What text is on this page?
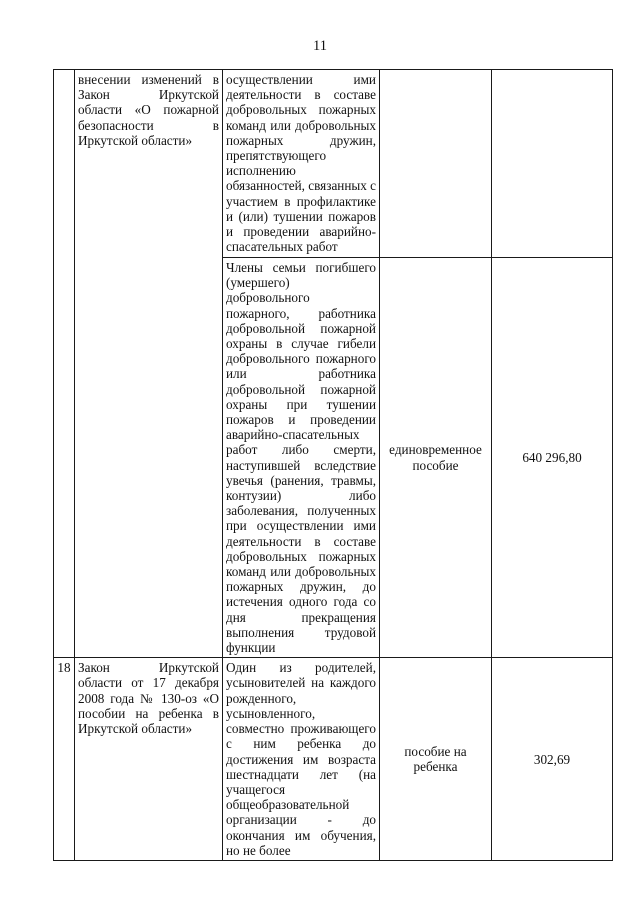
11
	внесении изменений в Закон Иркутской области «О пожарной безопасности в Иркутской области»	осуществлении ими деятельности в составе добровольных пожарных команд или добровольных пожарных дружин, препятствующего исполнению обязанностей, связанных с участием в профилактике и (или) тушении пожаров и проведении аварийно-спасательных работ		
		Члены семьи погибшего (умершего) добровольного пожарного, работника добровольной пожарной охраны в случае гибели добровольного пожарного или работника добровольной пожарной охраны при тушении пожаров и проведении аварийно-спасательных работ либо смерти, наступившей вследствие увечья (ранения, травмы, контузии) либо заболевания, полученных при осуществлении ими деятельности в составе добровольных пожарных команд или добровольных пожарных дружин, до истечения одного года со дня прекращения выполнения трудовой функции	единовременное пособие	640 296,80
18	Закон Иркутской области от 17 декабря 2008 года № 130-оз «О пособии на ребенка в Иркутской области»	Один из родителей, усыновителей на каждого рожденного, усыновленного, совместно проживающего с ним ребенка до достижения им возраста шестнадцати лет (на учащегося общеобразовательной организации - до окончания им обучения, но не более	пособие на ребенка	302,69
